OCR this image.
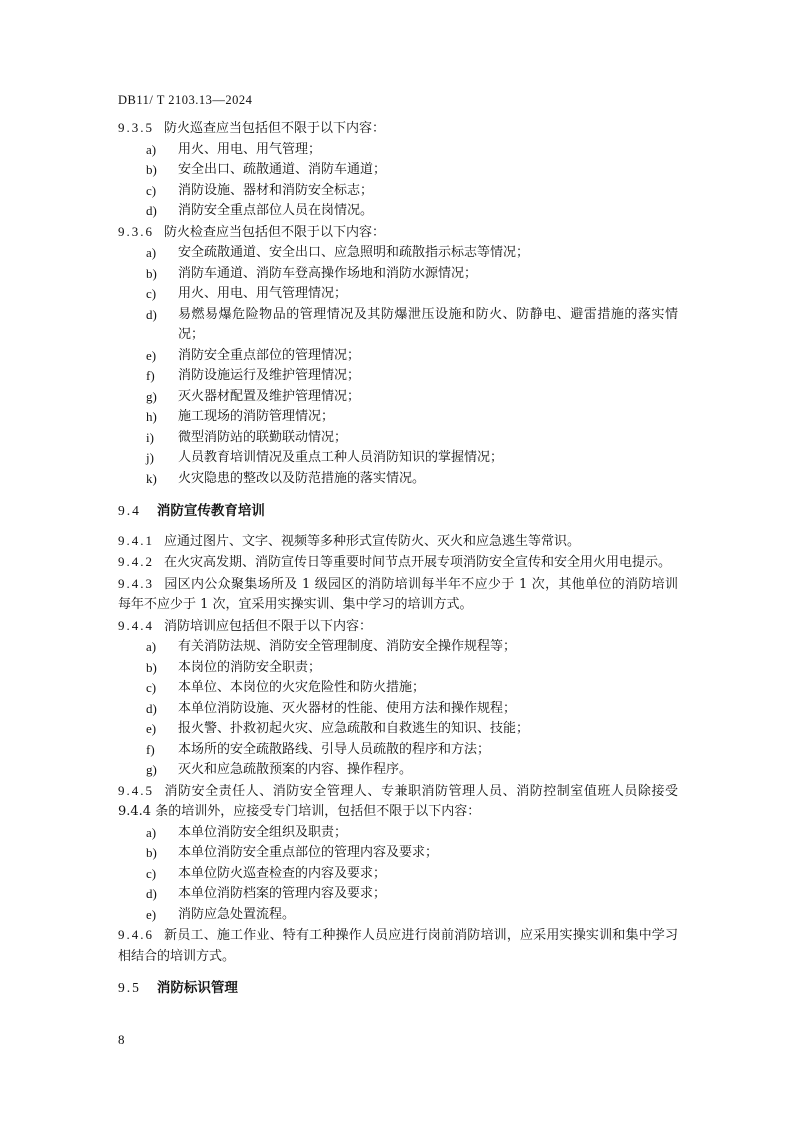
DB11/ T 2103.13—2024
9.3.5 防火巡查应当包括但不限于以下内容：
a) 用火、用电、用气管理；
b) 安全出口、疏散通道、消防车通道；
c) 消防设施、器材和消防安全标志；
d) 消防安全重点部位人员在岗情况。
9.3.6 防火检查应当包括但不限于以下内容：
a) 安全疏散通道、安全出口、应急照明和疏散指示标志等情况；
b) 消防车通道、消防车登高操作场地和消防水源情况；
c) 用火、用电、用气管理情况；
d) 易燃易爆危险物品的管理情况及其防爆泄压设施和防火、防静电、避雷措施的落实情况；
e) 消防安全重点部位的管理情况；
f) 消防设施运行及维护管理情况；
g) 灭火器材配置及维护管理情况；
h) 施工现场的消防管理情况；
i) 微型消防站的联勤联动情况；
j) 人员教育培训情况及重点工种人员消防知识的掌握情况；
k) 火灾隐患的整改以及防范措施的落实情况。
9.4 消防宣传教育培训
9.4.1 应通过图片、文字、视频等多种形式宣传防火、灭火和应急逃生等常识。
9.4.2 在火灾高发期、消防宣传日等重要时间节点开展专项消防安全宣传和安全用火用电提示。
9.4.3 园区内公众聚集场所及 1 级园区的消防培训每半年不应少于 1 次，其他单位的消防培训每年不应少于 1 次，宜采用实操实训、集中学习的培训方式。
9.4.4 消防培训应包括但不限于以下内容：
a) 有关消防法规、消防安全管理制度、消防安全操作规程等；
b) 本岗位的消防安全职责；
c) 本单位、本岗位的火灾危险性和防火措施；
d) 本单位消防设施、灭火器材的性能、使用方法和操作规程；
e) 报火警、扑救初起火灾、应急疏散和自救逃生的知识、技能；
f) 本场所的安全疏散路线、引导人员疏散的程序和方法；
g) 灭火和应急疏散预案的内容、操作程序。
9.4.5 消防安全责任人、消防安全管理人、专兼职消防管理人员、消防控制室值班人员除接受 9.4.4 条的培训外，应接受专门培训，包括但不限于以下内容：
a) 本单位消防安全组织及职责；
b) 本单位消防安全重点部位的管理内容及要求；
c) 本单位防火巡查检查的内容及要求；
d) 本单位消防档案的管理内容及要求；
e) 消防应急处置流程。
9.4.6 新员工、施工作业、特有工种操作人员应进行岗前消防培训，应采用实操实训和集中学习相结合的培训方式。
9.5 消防标识管理
8
